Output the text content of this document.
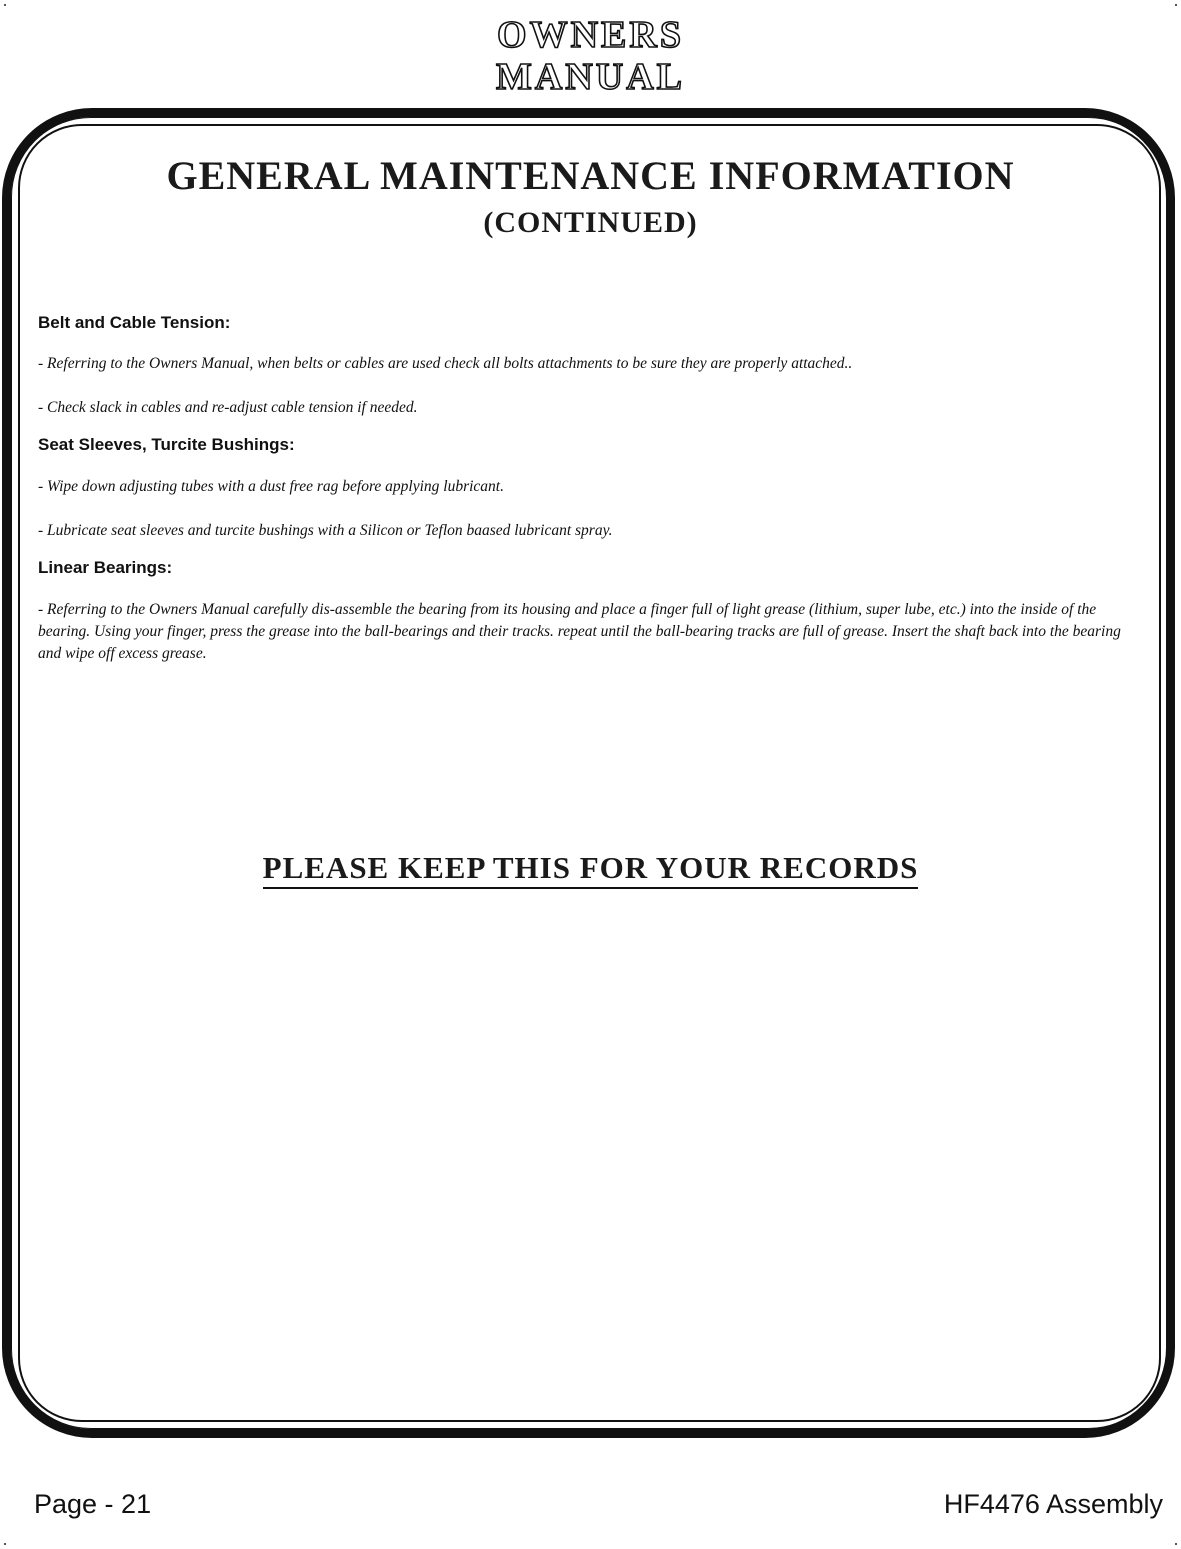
OWNERS
MANUAL
GENERAL MAINTENANCE INFORMATION
(CONTINUED)

Belt and Cable Tension:

- Referring to the Owners Manual, when belts or cables are used check all bolts attachments to be sure they are properly attached..

- Check slack in cables and re-adjust cable tension if needed.

Seat Sleeves, Turcite Bushings:

- Wipe down adjusting tubes with a dust free rag before applying lubricant.

- Lubricate seat sleeves and turcite bushings with a Silicon or Teflon baased lubricant spray.

Linear Bearings:

- Referring to the Owners Manual carefully dis-assemble the bearing from its housing and place a finger full of light grease (lithium, super lube, etc.) into the inside of the bearing. Using your finger, press the grease into the ball-bearings and their tracks. repeat until the ball-bearing tracks are full of grease. Insert the shaft back into the bearing and wipe off excess grease.

PLEASE KEEP THIS FOR YOUR RECORDS
Page - 21	HF4476 Assembly
